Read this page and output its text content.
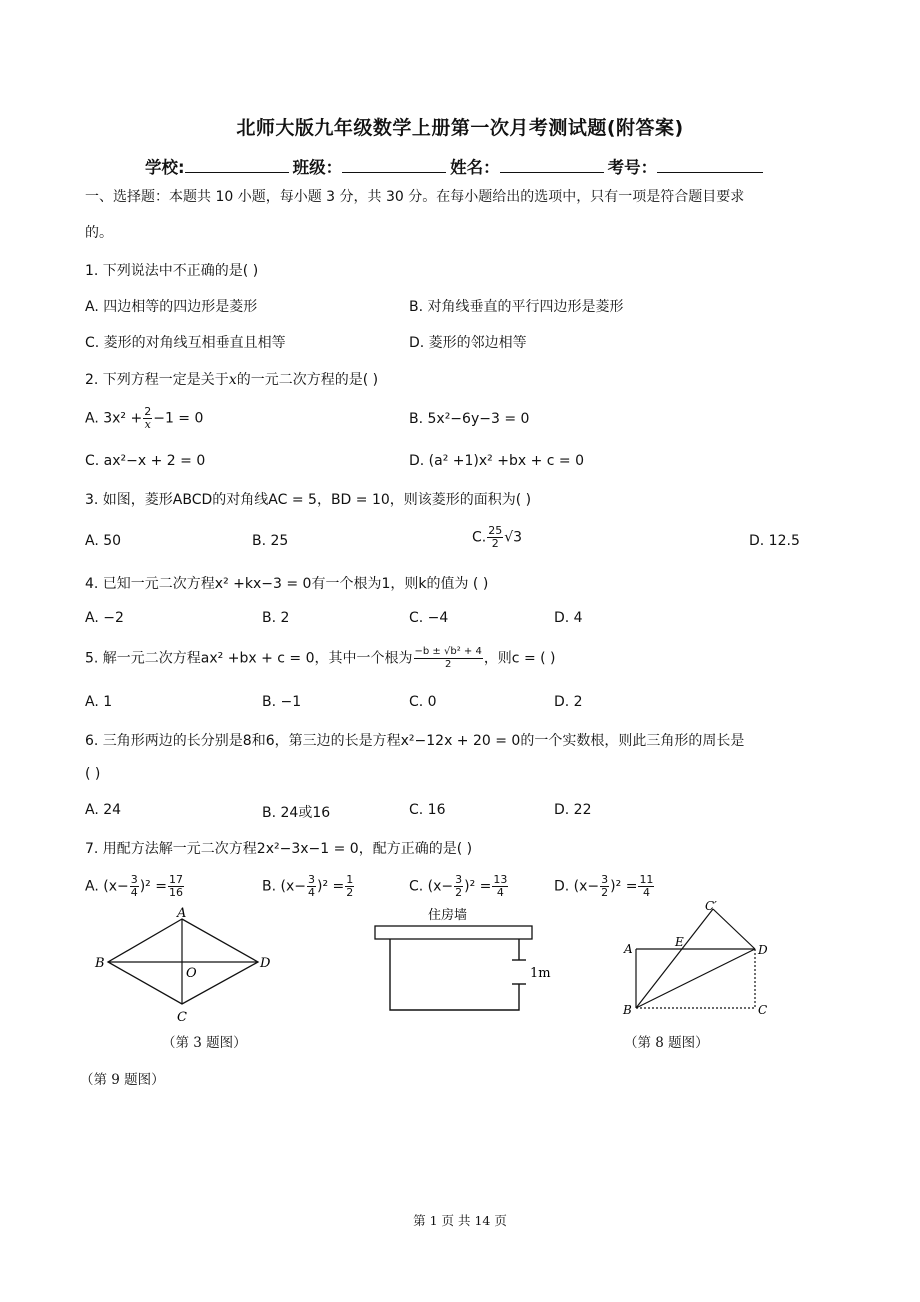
北师大版九年级数学上册第一次月考测试题(附答案)
学校:	班级：	姓名：	考号：
一、选择题：本题共 10 小题，每小题 3 分，共 30 分。在每小题给出的选项中，只有一项是符合题目要求
的。
1. 下列说法中不正确的是( )
A. 四边相等的四边形是菱形	B. 对角线垂直的平行四边形是菱形
C. 菱形的对角线互相垂直且相等	D. 菱形的邻边相等
2. 下列方程一定是关于x的一元二次方程的是( )
A. $3x^2 + \frac{2}{x} -1 = 0$	B. 5x²−6y−3 = 0
C. ax²−x + 2 = 0	D. (a² +1)x² +bx + c = 0
3. 如图，菱形ABCD的对角线AC = 5，BD = 10，则该菱形的面积为( )
A. 50	B. 25	C. $\frac{25}{2} √3$	D. 12.5
4. 已知一元二次方程x² +kx−3 = 0有一个根为1，则k的值为 ( )
A. −2	B. 2	C. −4	D. 4
5. 解一元二次方程ax² +bx + c = 0，其中一个根为 $\frac{\text{−b ± √b² + 4}}{2}$ ，则c = ( )
A. 1	B. −1	C. 0	D. 2
6. 三角形两边的长分别是8和6，第三边的长是方程x²−12x + 20 = 0的一个实数根，则此三角形的周长是
( )
A. 24	B. 24或16	C. 16	D. 22
7. 用配方法解一元二次方程2x²−3x−1 = 0，配方正确的是( )
A. $(x- \frac{3}{4} )^2 = \frac{17}{16}$	B. $(x- \frac{3}{4} )^2 = \frac{1}{2}$	C. $(x- \frac{3}{2} )^2 = \frac{13}{4}$	D. $(x- \frac{3}{2} )^2 = \frac{11}{4}$
A
B
C
D
O
（第 3 题图）
住房墙
1m
（第 9 题图）
A
B	C
D
E
C′
（第 8 题图）
第 1 页 共 14 页
